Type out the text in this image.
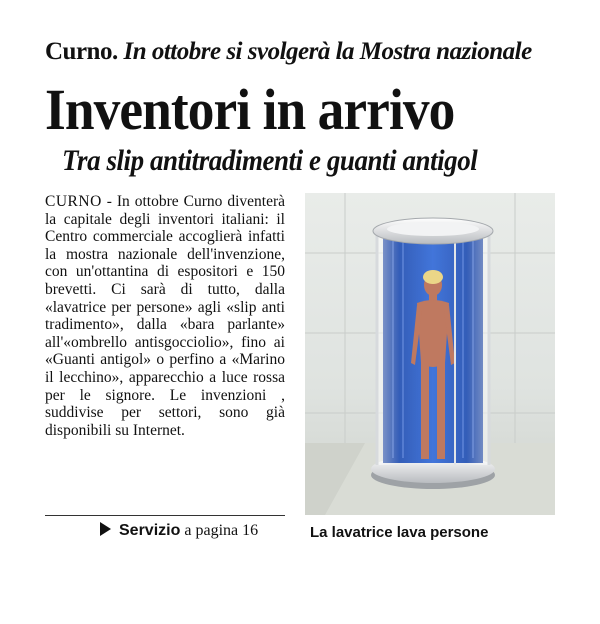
Curno. In ottobre si svolgerà la Mostra nazionale
Inventori in arrivo
Tra slip antitradimenti e guanti antigol
CURNO - In ottobre Curno diventerà la capitale degli inventori italiani: il Centro commerciale accoglierà infatti la mostra nazionale dell'invenzione, con un'ottantina di espositori e 150 brevetti. Ci sarà di tutto, dalla «lavatrice per persone» agli «slip anti tradimento», dalla «bara parlante» all'«ombrello antisgocciolio», fino ai «Guanti antigol» o perfino a «Marino il lecchino», apparecchio a luce rossa per le signore. Le invenzioni , suddivise per settori, sono già disponibili su Internet.
Servizio a pagina 16	La lavatrice lava persone
